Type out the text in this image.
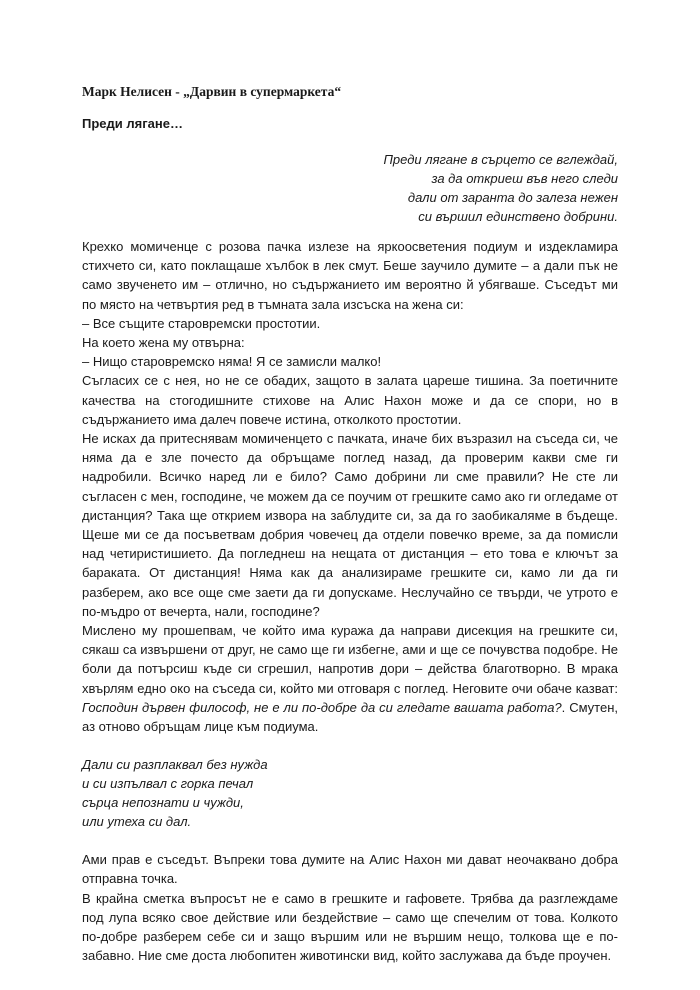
Марк Нелисен - „Дарвин в супермаркета“
Преди лягане…
Преди лягане в сърцето се вглеждай,
за да откриеш във него следи
дали от заранта до залеза нежен
си вършил единствено добрини.

Крехко момиченце с розова пачка излезе на яркоосветения подиум и издекламира стихчето си, като поклащаше хълбок в лек смут. Беше заучило думите – а дали пък не само звученето им – отлично, но съдържанието им вероятно й убягваше. Съседът ми по място на четвъртия ред в тъмната зала изсъска на жена си:

– Все същите старовремски простотии.

На което жена му отвърна:

– Нищо старовремско няма! Я се замисли малко!

Съгласих се с нея, но не се обадих, защото в залата цареше тишина. За поетичните качества на стогодишните стихове на Алис Нахон може и да се спори, но в съдържанието има далеч повече истина, отколкото простотии.

Не исках да притеснявам момиченцето с пачката, иначе бих възразил на съседа си, че няма да е зле почесто да обръщаме поглед назад, да проверим какви сме ги надробили. Всичко наред ли е било? Само добрини ли сме правили? Не сте ли съгласен с мен, господине, че можем да се поучим от грешките само ако ги огледаме от дистанция? Така ще открием извора на заблудите си, за да го заобикаляме в бъдеще. Щеше ми се да посъветвам добрия човечец да отдели повечко време, за да помисли над четиристишието. Да погледнеш на нещата от дистанция – ето това е ключът за бараката. От дистанция! Няма как да анализираме грешките си, камо ли да ги разберем, ако все още сме заети да ги допускаме. Неслучайно се твърди, че утрото е по-мъдро от вечерта, нали, господине?

Мислено му прошепвам, че който има куража да направи дисекция на грешките си, сякаш са извършени от друг, не само ще ги избегне, ами и ще се почувства подобре. Не боли да потърсиш къде си сгрешил, напротив дори – действа благотворно. В мрака хвърлям едно око на съседа си, който ми отговаря с поглед. Неговите очи обаче казват: Господин дървен философ, не е ли по-добре да си гледате вашата работа?. Смутен, аз отново обръщам лице към подиума.

Дали си разплаквал без нужда
и си изпълвал с горка печал
сърца непознати и чужди,
или утеха си дал.

Ами прав е съседът. Въпреки това думите на Алис Нахон ми дават неочаквано добра отправна точка.

В крайна сметка въпросът не е само в грешките и гафовете. Трябва да разглеждаме под лупа всяко свое действие или бездействие – само ще спечелим от това. Колкото по-добре разберем себе си и защо вършим или не вършим нещо, толкова ще е по-забавно. Ние сме доста любопитен животински вид, който заслужава да бъде проучен.
